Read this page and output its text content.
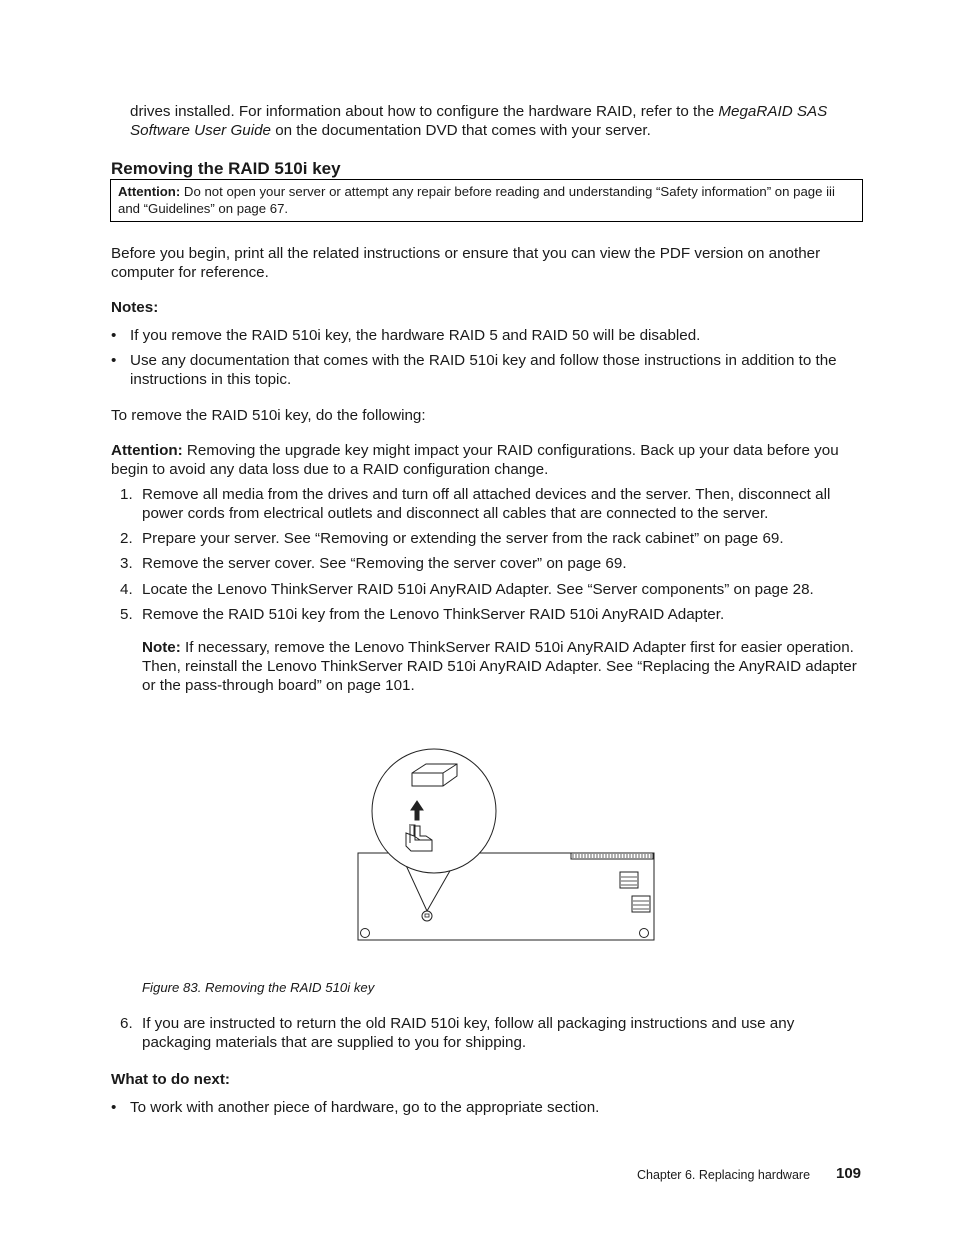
drives installed. For information about how to configure the hardware RAID, refer to the MegaRAID SAS Software User Guide on the documentation DVD that comes with your server.

Removing the RAID 510i key
Attention: Do not open your server or attempt any repair before reading and understanding “Safety information” on page iii and “Guidelines” on page 67.

Before you begin, print all the related instructions or ensure that you can view the PDF version on another computer for reference.

Notes:

• If you remove the RAID 510i key, the hardware RAID 5 and RAID 50 will be disabled.

• Use any documentation that comes with the RAID 510i key and follow those instructions in addition to the instructions in this topic.

To remove the RAID 510i key, do the following:

Attention: Removing the upgrade key might impact your RAID configurations. Back up your data before you begin to avoid any data loss due to a RAID configuration change.

1. Remove all media from the drives and turn off all attached devices and the server. Then, disconnect all power cords from electrical outlets and disconnect all cables that are connected to the server.

2. Prepare your server. See “Removing or extending the server from the rack cabinet” on page 69.

3. Remove the server cover. See “Removing the server cover” on page 69.

4. Locate the Lenovo ThinkServer RAID 510i AnyRAID Adapter. See “Server components” on page 28.

5. Remove the RAID 510i key from the Lenovo ThinkServer RAID 510i AnyRAID Adapter.

Note: If necessary, remove the Lenovo ThinkServer RAID 510i AnyRAID Adapter first for easier operation. Then, reinstall the Lenovo ThinkServer RAID 510i AnyRAID Adapter. See “Replacing the AnyRAID adapter or the pass-through board” on page 101.

Figure 83. Removing the RAID 510i key

6. If you are instructed to return the old RAID 510i key, follow all packaging instructions and use any packaging materials that are supplied to you for shipping.

What to do next:

• To work with another piece of hardware, go to the appropriate section.

Chapter 6. Replacing hardware 109
